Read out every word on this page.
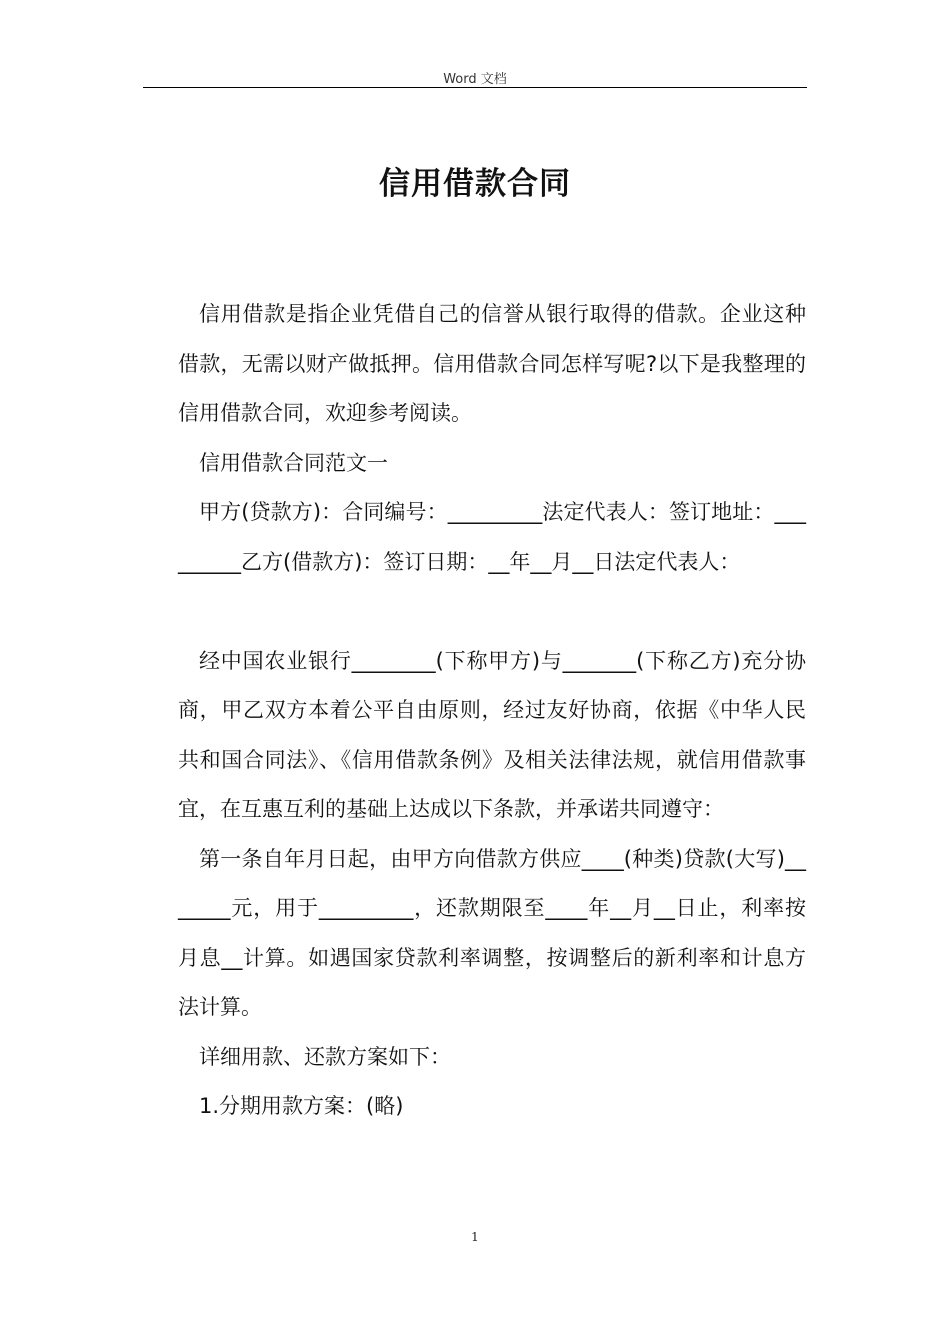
Word 文档
信用借款合同

信用借款是指企业凭借自己的信誉从银行取得的借款。企业这种借款，无需以财产做抵押。信用借款合同怎样写呢?以下是我整理的信用借款合同，欢迎参考阅读。

信用借款合同范文一

甲方(贷款方)：合同编号：_________法定代表人：签订地址：_________乙方(借款方)：签订日期：__年__月__日法定代表人：

经中国农业银行________(下称甲方)与_______(下称乙方)充分协商，甲乙双方本着公平自由原则，经过友好协商，依据《中华人民共和国合同法》、《信用借款条例》及相关法律法规，就信用借款事宜，在互惠互利的基础上达成以下条款，并承诺共同遵守：

第一条自年月日起，由甲方向借款方供应____(种类)贷款(大写)_______元，用于_________，还款期限至____年__月__日止，利率按月息__计算。如遇国家贷款利率调整，按调整后的新利率和计息方法计算。

详细用款、还款方案如下：

1.分期用款方案：(略)

1
